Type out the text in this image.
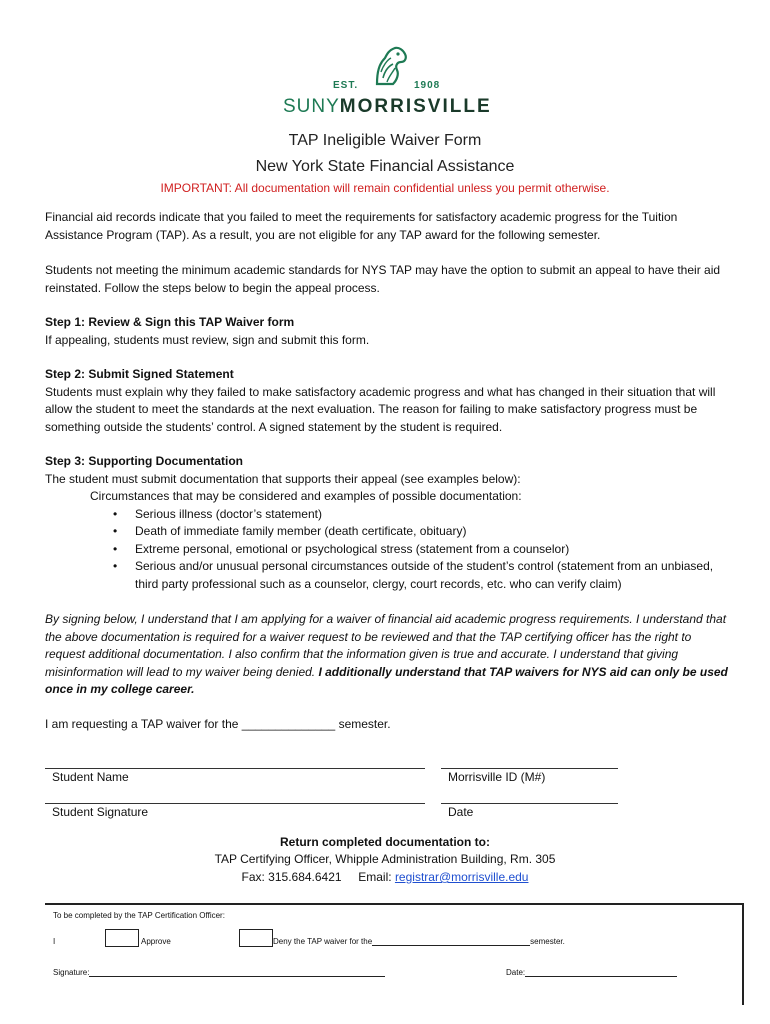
EST.	1908
SUNYMORRISVILLE
TAP Ineligible Waiver Form
New York State Financial Assistance
IMPORTANT: All documentation will remain confidential unless you permit otherwise.
Financial aid records indicate that you failed to meet the requirements for satisfactory academic progress for the Tuition Assistance Program (TAP). As a result, you are not eligible for any TAP award for the following semester.
Students not meeting the minimum academic standards for NYS TAP may have the option to submit an appeal to have their aid reinstated. Follow the steps below to begin the appeal process.
Step 1: Review & Sign this TAP Waiver form
If appealing, students must review, sign and submit this form.
Step 2: Submit Signed Statement
Students must explain why they failed to make satisfactory academic progress and what has changed in their situation that will allow the student to meet the standards at the next evaluation. The reason for failing to make satisfactory progress must be something outside the students’ control. A signed statement by the student is required.
Step 3: Supporting Documentation
The student must submit documentation that supports their appeal (see examples below):
Circumstances that may be considered and examples of possible documentation:
• Serious illness (doctor’s statement)
• Death of immediate family member (death certificate, obituary)
• Extreme personal, emotional or psychological stress (statement from a counselor)
• Serious and/or unusual personal circumstances outside of the student’s control (statement from an unbiased, third party professional such as a counselor, clergy, court records, etc. who can verify claim)
By signing below, I understand that I am applying for a waiver of financial aid academic progress requirements. I understand that the above documentation is required for a waiver request to be reviewed and that the TAP certifying officer has the right to request additional documentation. I also confirm that the information given is true and accurate. I understand that giving misinformation will lead to my waiver being denied. I additionally understand that TAP waivers for NYS aid can only be used once in my college career.
I am requesting a TAP waiver for the ______________ semester.
Student Name	Morrisville ID (M#)
Student Signature	Date
Return completed documentation to:
TAP Certifying Officer, Whipple Administration Building, Rm. 305
Fax: 315.684.6421 Email: registrar@morrisville.edu
To be completed by the TAP Certification Officer:
I	Approve	Deny the TAP waiver for the	semester.
Signature:	Date:
